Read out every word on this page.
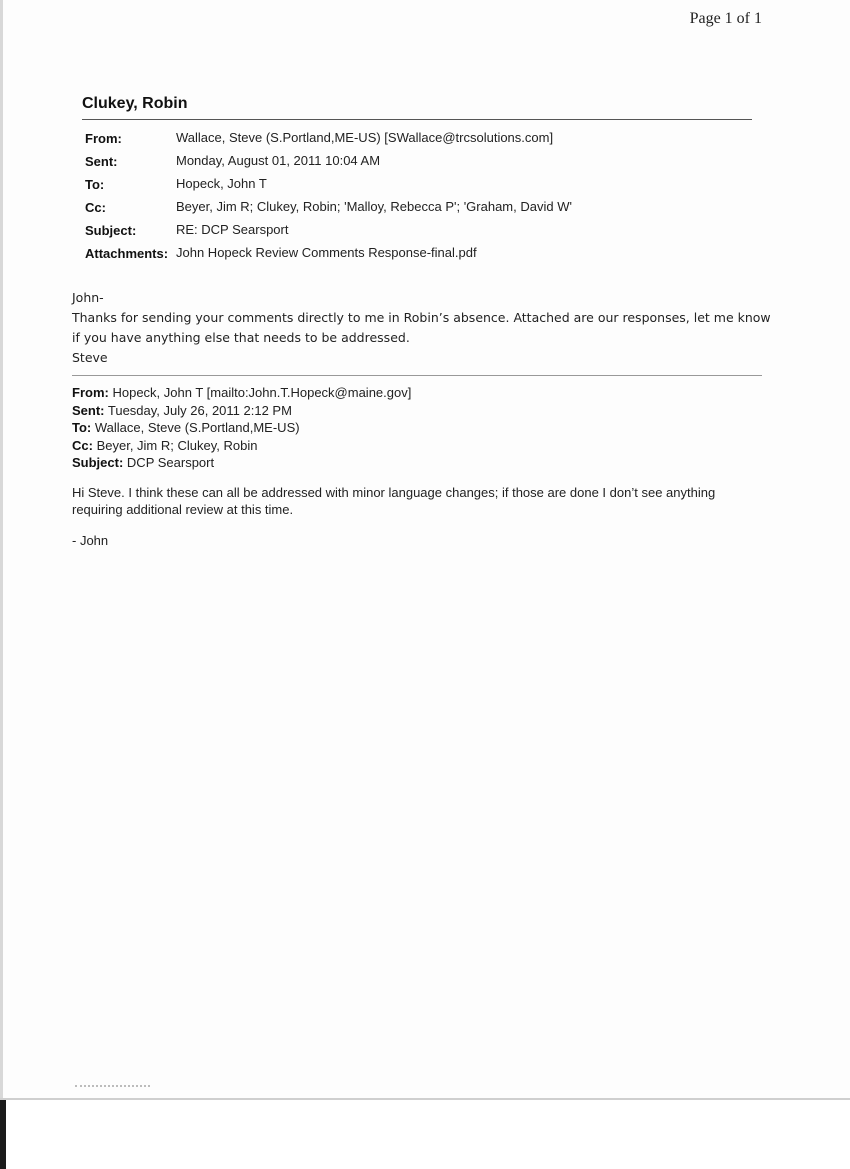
Page 1 of 1
Clukey, Robin
From:	Wallace, Steve (S.Portland,ME-US) [SWallace@trcsolutions.com]
Sent:	Monday, August 01, 2011 10:04 AM
To:	Hopeck, John T
Cc:	Beyer, Jim R; Clukey, Robin; 'Malloy, Rebecca P'; 'Graham, David W'
Subject:	RE: DCP Searsport
Attachments: John Hopeck Review Comments Response-final.pdf

John-

Thanks for sending your comments directly to me in Robin’s absence. Attached are our responses, let me know

if you have anything else that needs to be addressed.

Steve

From: Hopeck, John T [mailto:John.T.Hopeck@maine.gov]
Sent: Tuesday, July 26, 2011 2:12 PM
To: Wallace, Steve (S.Portland,ME-US)
Cc: Beyer, Jim R; Clukey, Robin
Subject: DCP Searsport

Hi Steve. I think these can all be addressed with minor language changes; if those are done I don’t see anything

requiring additional review at this time.

- John
